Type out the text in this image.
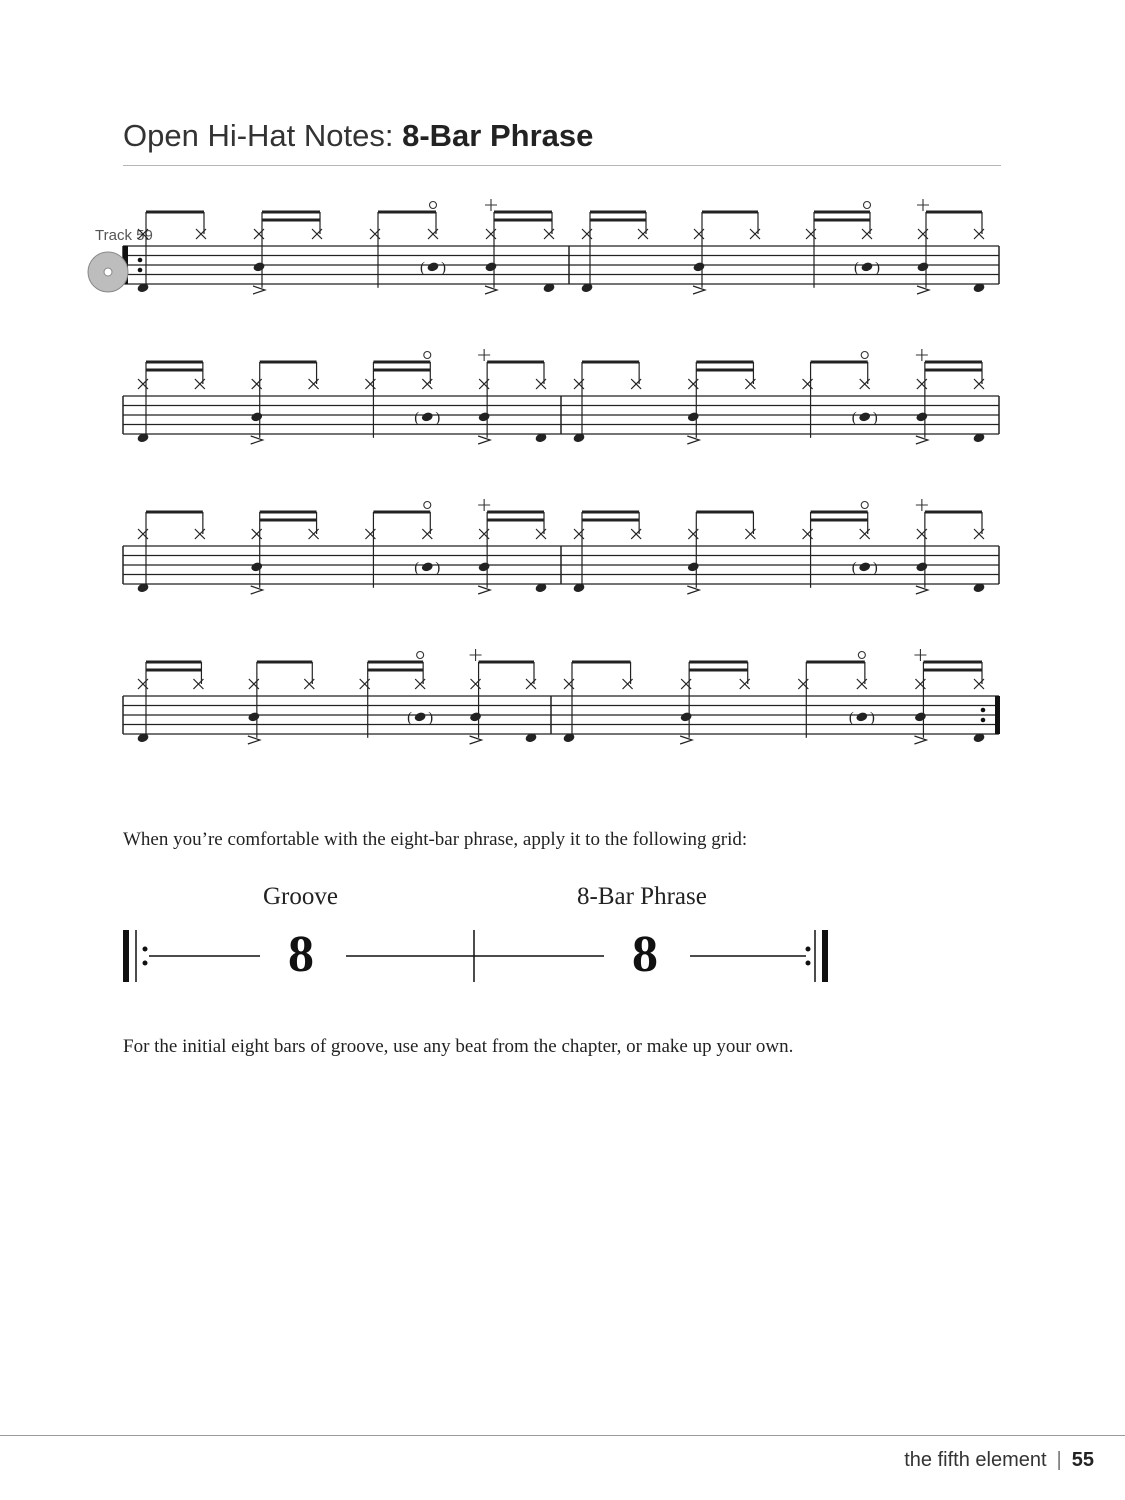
Open Hi-Hat Notes: 8-Bar Phrase
Track 59
( )	( )
( )	( )
( )	( )
( )	( )
When you’re comfortable with the eight-bar phrase, apply it to the following grid:
Groove	8-Bar Phrase
8	8
For the initial eight bars of groove, use any beat from the chapter, or make up your own.
the fifth element | 55
